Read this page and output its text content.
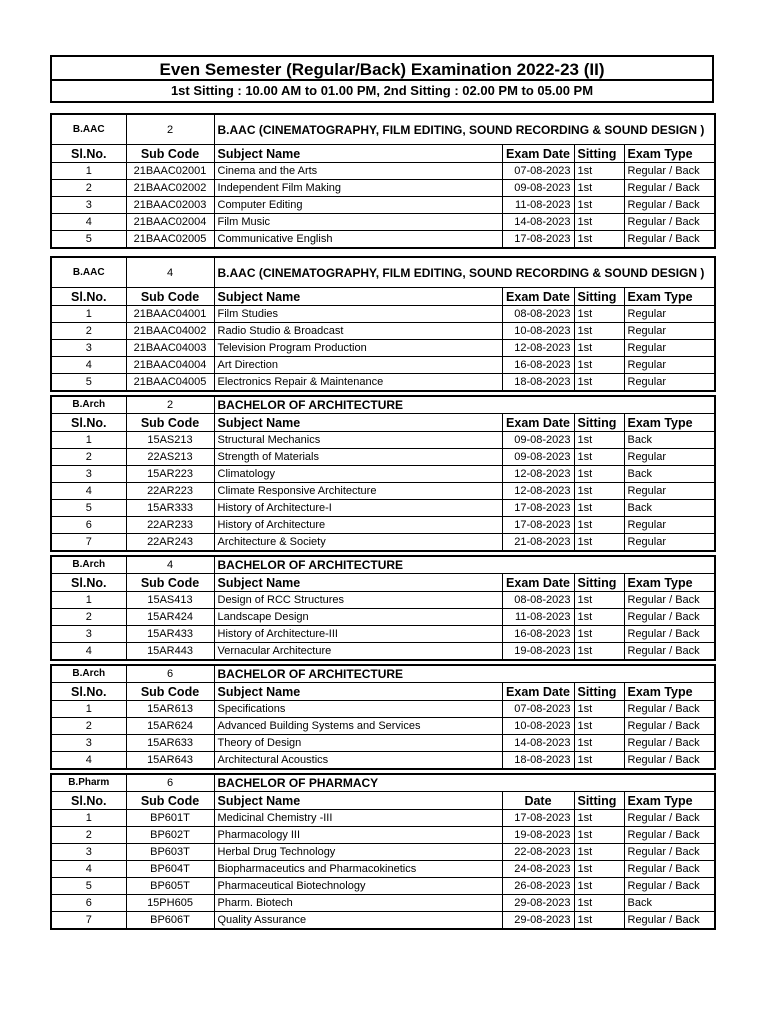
Even Semester (Regular/Back) Examination 2022-23 (II)
1st Sitting : 10.00 AM to 01.00 PM, 2nd Sitting : 02.00 PM to 05.00 PM
B.AAC	2	B.AAC (CINEMATOGRAPHY, FILM EDITING, SOUND RECORDING & SOUND DESIGN )			
Sl.No.	Sub Code	Subject Name	Exam Date	Sitting	Exam Type
1	21BAAC02001	Cinema and the Arts	07-08-2023	1st	Regular / Back
2	21BAAC02002	Independent Film Making	09-08-2023	1st	Regular / Back
3	21BAAC02003	Computer Editing	11-08-2023	1st	Regular / Back
4	21BAAC02004	Film Music	14-08-2023	1st	Regular / Back
5	21BAAC02005	Communicative English	17-08-2023	1st	Regular / Back
B.AAC	4	B.AAC (CINEMATOGRAPHY, FILM EDITING, SOUND RECORDING & SOUND DESIGN )			
Sl.No.	Sub Code	Subject Name	Exam Date	Sitting	Exam Type
1	21BAAC04001	Film Studies	08-08-2023	1st	Regular
2	21BAAC04002	Radio Studio & Broadcast	10-08-2023	1st	Regular
3	21BAAC04003	Television Program Production	12-08-2023	1st	Regular
4	21BAAC04004	Art Direction	16-08-2023	1st	Regular
5	21BAAC04005	Electronics Repair & Maintenance	18-08-2023	1st	Regular
B.Arch	2	BACHELOR OF ARCHITECTURE			
Sl.No.	Sub Code	Subject Name	Exam Date	Sitting	Exam Type
1	15AS213	Structural Mechanics	09-08-2023	1st	Back
2	22AS213	Strength of Materials	09-08-2023	1st	Regular
3	15AR223	Climatology	12-08-2023	1st	Back
4	22AR223	Climate Responsive Architecture	12-08-2023	1st	Regular
5	15AR333	History of Architecture-I	17-08-2023	1st	Back
6	22AR233	History of Architecture	17-08-2023	1st	Regular
7	22AR243	Architecture & Society	21-08-2023	1st	Regular
B.Arch	4	BACHELOR OF ARCHITECTURE			
Sl.No.	Sub Code	Subject Name	Exam Date	Sitting	Exam Type
1	15AS413	Design of RCC Structures	08-08-2023	1st	Regular / Back
2	15AR424	Landscape Design	11-08-2023	1st	Regular / Back
3	15AR433	History of Architecture-III	16-08-2023	1st	Regular / Back
4	15AR443	Vernacular Architecture	19-08-2023	1st	Regular / Back
B.Arch	6	BACHELOR OF ARCHITECTURE			
Sl.No.	Sub Code	Subject Name	Exam Date	Sitting	Exam Type
1	15AR613	Specifications	07-08-2023	1st	Regular / Back
2	15AR624	Advanced Building Systems and Services	10-08-2023	1st	Regular / Back
3	15AR633	Theory of Design	14-08-2023	1st	Regular / Back
4	15AR643	Architectural Acoustics	18-08-2023	1st	Regular / Back
B.Pharm	6	BACHELOR OF PHARMACY			
Sl.No.	Sub Code	Subject Name	Date	Sitting	Exam Type
1	BP601T	Medicinal Chemistry -III	17-08-2023	1st	Regular / Back
2	BP602T	Pharmacology III	19-08-2023	1st	Regular / Back
3	BP603T	Herbal Drug Technology	22-08-2023	1st	Regular / Back
4	BP604T	Biopharmaceutics and Pharmacokinetics	24-08-2023	1st	Regular / Back
5	BP605T	Pharmaceutical Biotechnology	26-08-2023	1st	Regular / Back
6	15PH605	Pharm. Biotech	29-08-2023	1st	Back
7	BP606T	Quality Assurance	29-08-2023	1st	Regular / Back
